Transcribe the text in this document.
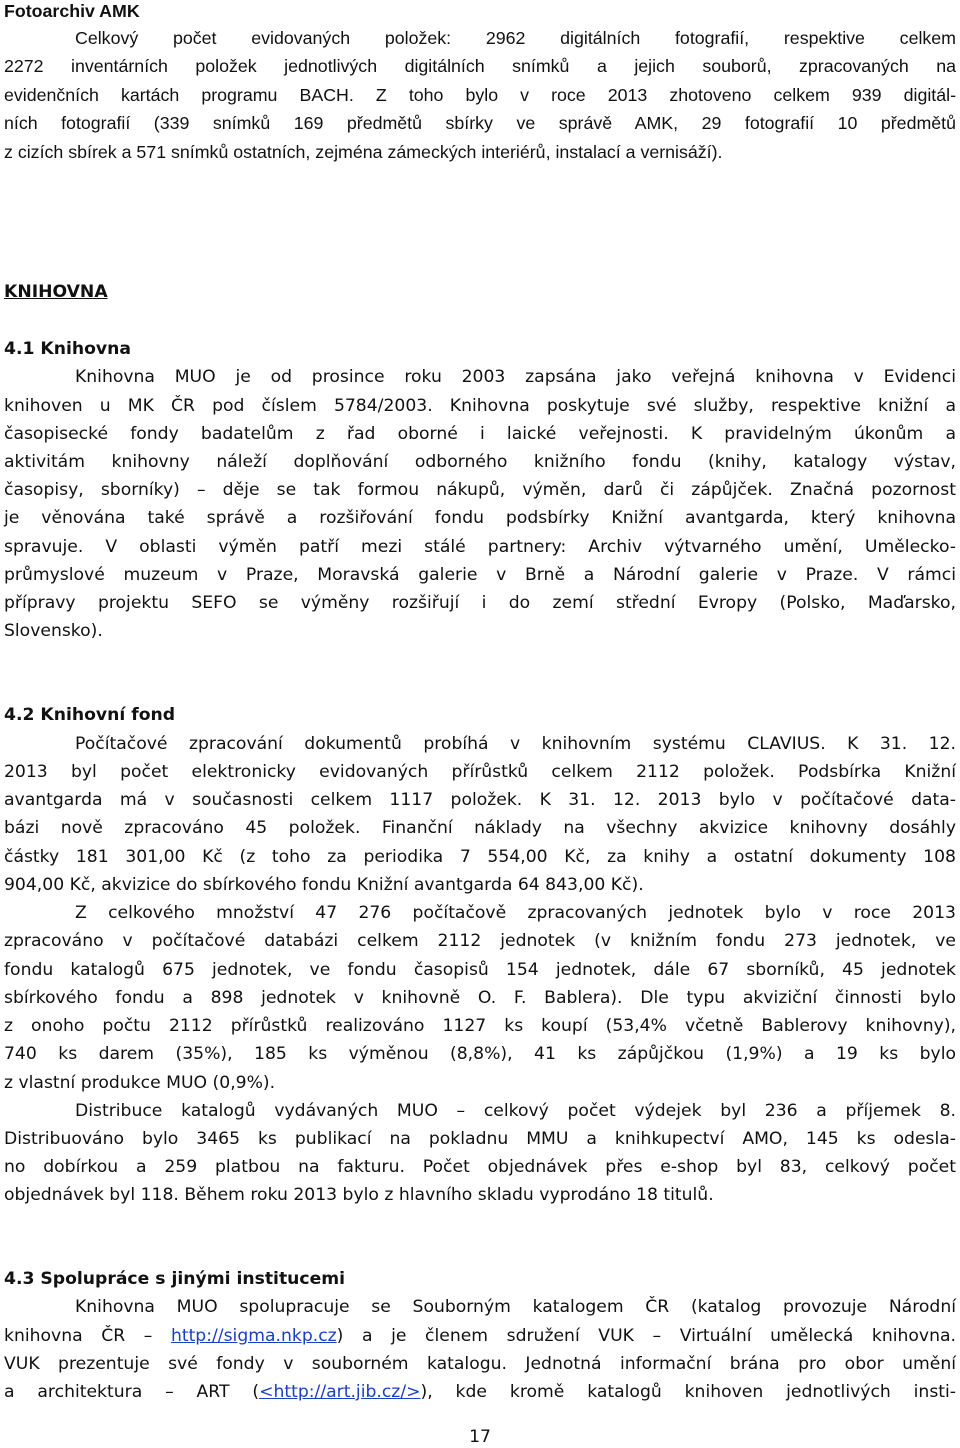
Fotoarchiv AMK
Celkový počet evidovaných položek: 2962 digitálních fotografií, respektive celkem
2272 inventárních položek jednotlivých digitálních snímků a jejich souborů, zpracovaných na
evidenčních kartách programu BACH. Z toho bylo v roce 2013 zhotoveno celkem 939 digitál-
ních fotografií (339 snímků 169 předmětů sbírky ve správě AMK, 29 fotografií 10 předmětů
z cizích sbírek a 571 snímků ostatních, zejména zámeckých interiérů, instalací a vernisáží).
KNIHOVNA
4.1 Knihovna
Knihovna MUO je od prosince roku 2003 zapsána jako veřejná knihovna v Evidenci
knihoven u MK ČR pod číslem 5784/2003. Knihovna poskytuje své služby, respektive knižní a
časopisecké fondy badatelům z řad oborné i laické veřejnosti. K pravidelným úkonům a
aktivitám knihovny náleží doplňování odborného knižního fondu (knihy, katalogy výstav,
časopisy, sborníky) – děje se tak formou nákupů, výměn, darů či zápůjček. Značná pozornost
je věnována také správě a rozšiřování fondu podsbírky Knižní avantgarda, který knihovna
spravuje. V oblasti výměn patří mezi stálé partnery: Archiv výtvarného umění, Umělecko-
průmyslové muzeum v Praze, Moravská galerie v Brně a Národní galerie v Praze. V rámci
přípravy projektu SEFO se výměny rozšiřují i do zemí střední Evropy (Polsko, Maďarsko,
Slovensko).
4.2 Knihovní fond
Počítačové zpracování dokumentů probíhá v knihovním systému CLAVIUS. K 31. 12.
2013 byl počet elektronicky evidovaných přírůstků celkem 2112 položek. Podsbírka Knižní
avantgarda má v současnosti celkem 1117 položek. K 31. 12. 2013 bylo v počítačové data-
bázi nově zpracováno 45 položek. Finanční náklady na všechny akvizice knihovny dosáhly
částky 181 301,00 Kč (z toho za periodika 7 554,00 Kč, za knihy a ostatní dokumenty 108
904,00 Kč, akvizice do sbírkového fondu Knižní avantgarda 64 843,00 Kč).
Z celkového množství 47 276 počítačově zpracovaných jednotek bylo v roce 2013
zpracováno v počítačové databázi celkem 2112 jednotek (v knižním fondu 273 jednotek, ve
fondu katalogů 675 jednotek, ve fondu časopisů 154 jednotek, dále 67 sborníků, 45 jednotek
sbírkového fondu a 898 jednotek v knihovně O. F. Bablera). Dle typu akviziční činnosti bylo
z onoho počtu 2112 přírůstků realizováno 1127 ks koupí (53,4% včetně Bablerovy knihovny),
740 ks darem (35%), 185 ks výměnou (8,8%), 41 ks zápůjčkou (1,9%) a 19 ks bylo
z vlastní produkce MUO (0,9%).
Distribuce katalogů vydávaných MUO – celkový počet výdejek byl 236 a příjemek 8.
Distribuováno bylo 3465 ks publikací na pokladnu MMU a knihkupectví AMO, 145 ks odesla-
no dobírkou a 259 platbou na fakturu. Počet objednávek přes e-shop byl 83, celkový počet
objednávek byl 118. Během roku 2013 bylo z hlavního skladu vyprodáno 18 titulů.
4.3 Spolupráce s jinými institucemi
Knihovna MUO spolupracuje se Souborným katalogem ČR (katalog provozuje Národní
knihovna ČR – http://sigma.nkp.cz) a je členem sdružení VUK – Virtuální umělecká knihovna.
VUK prezentuje své fondy v souborném katalogu. Jednotná informační brána pro obor umění
a architektura – ART (<http://art.jib.cz/>), kde kromě katalogů knihoven jednotlivých insti-
17
